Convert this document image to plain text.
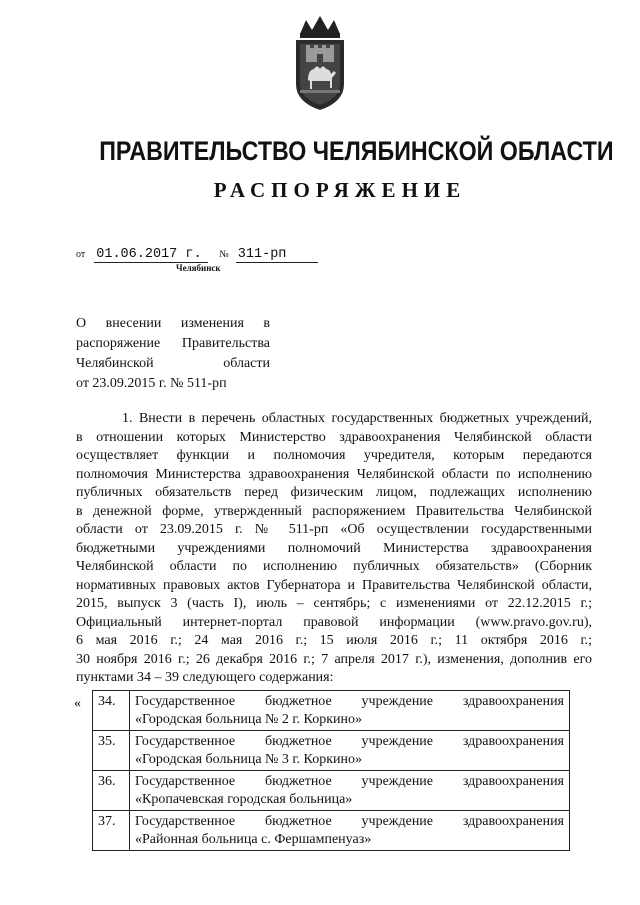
ПРАВИТЕЛЬСТВО ЧЕЛЯБИНСКОЙ ОБЛАСТИ
РАСПОРЯЖЕНИЕ
от 01.06.2017 г. № 311-рп
Челябинск
О внесении изменения в
распоряжение Правительства
Челябинской области
от 23.09.2015 г. № 511-рп
1. Внести в перечень областных государственных бюджетных учреждений,
в отношении которых Министерство здравоохранения Челябинской области
осуществляет функции и полномочия учредителя, которым передаются
полномочия Министерства здравоохранения Челябинской области по исполнению
публичных обязательств перед физическим лицом, подлежащих исполнению
в денежной форме, утвержденный распоряжением Правительства Челябинской
области от 23.09.2015 г. № 511-рп «Об осуществлении государственными
бюджетными учреждениями полномочий Министерства здравоохранения
Челябинской области по исполнению публичных обязательств» (Сборник
нормативных правовых актов Губернатора и Правительства Челябинской области,
2015, выпуск 3 (часть I), июль – сентябрь; с изменениями от 22.12.2015 г.;
Официальный интернет-портал правовой информации (www.pravo.gov.ru),
6 мая 2016 г.; 24 мая 2016 г.; 15 июля 2016 г.; 11 октября 2016 г.;
30 ноября 2016 г.; 26 декабря 2016 г.; 7 апреля 2017 г.), изменения, дополнив его
пунктами 34 – 39 следующего содержания:
« 34.	Государственное бюджетное учреждение здравоохранения
«Городская больница № 2 г. Коркино»

35.	Государственное бюджетное учреждение здравоохранения
«Городская больница № 3 г. Коркино»

36.	Государственное бюджетное учреждение здравоохранения
«Кропачевская городская больница»

37.	Государственное бюджетное учреждение здравоохранения
«Районная больница с. Фершампенуаз»
